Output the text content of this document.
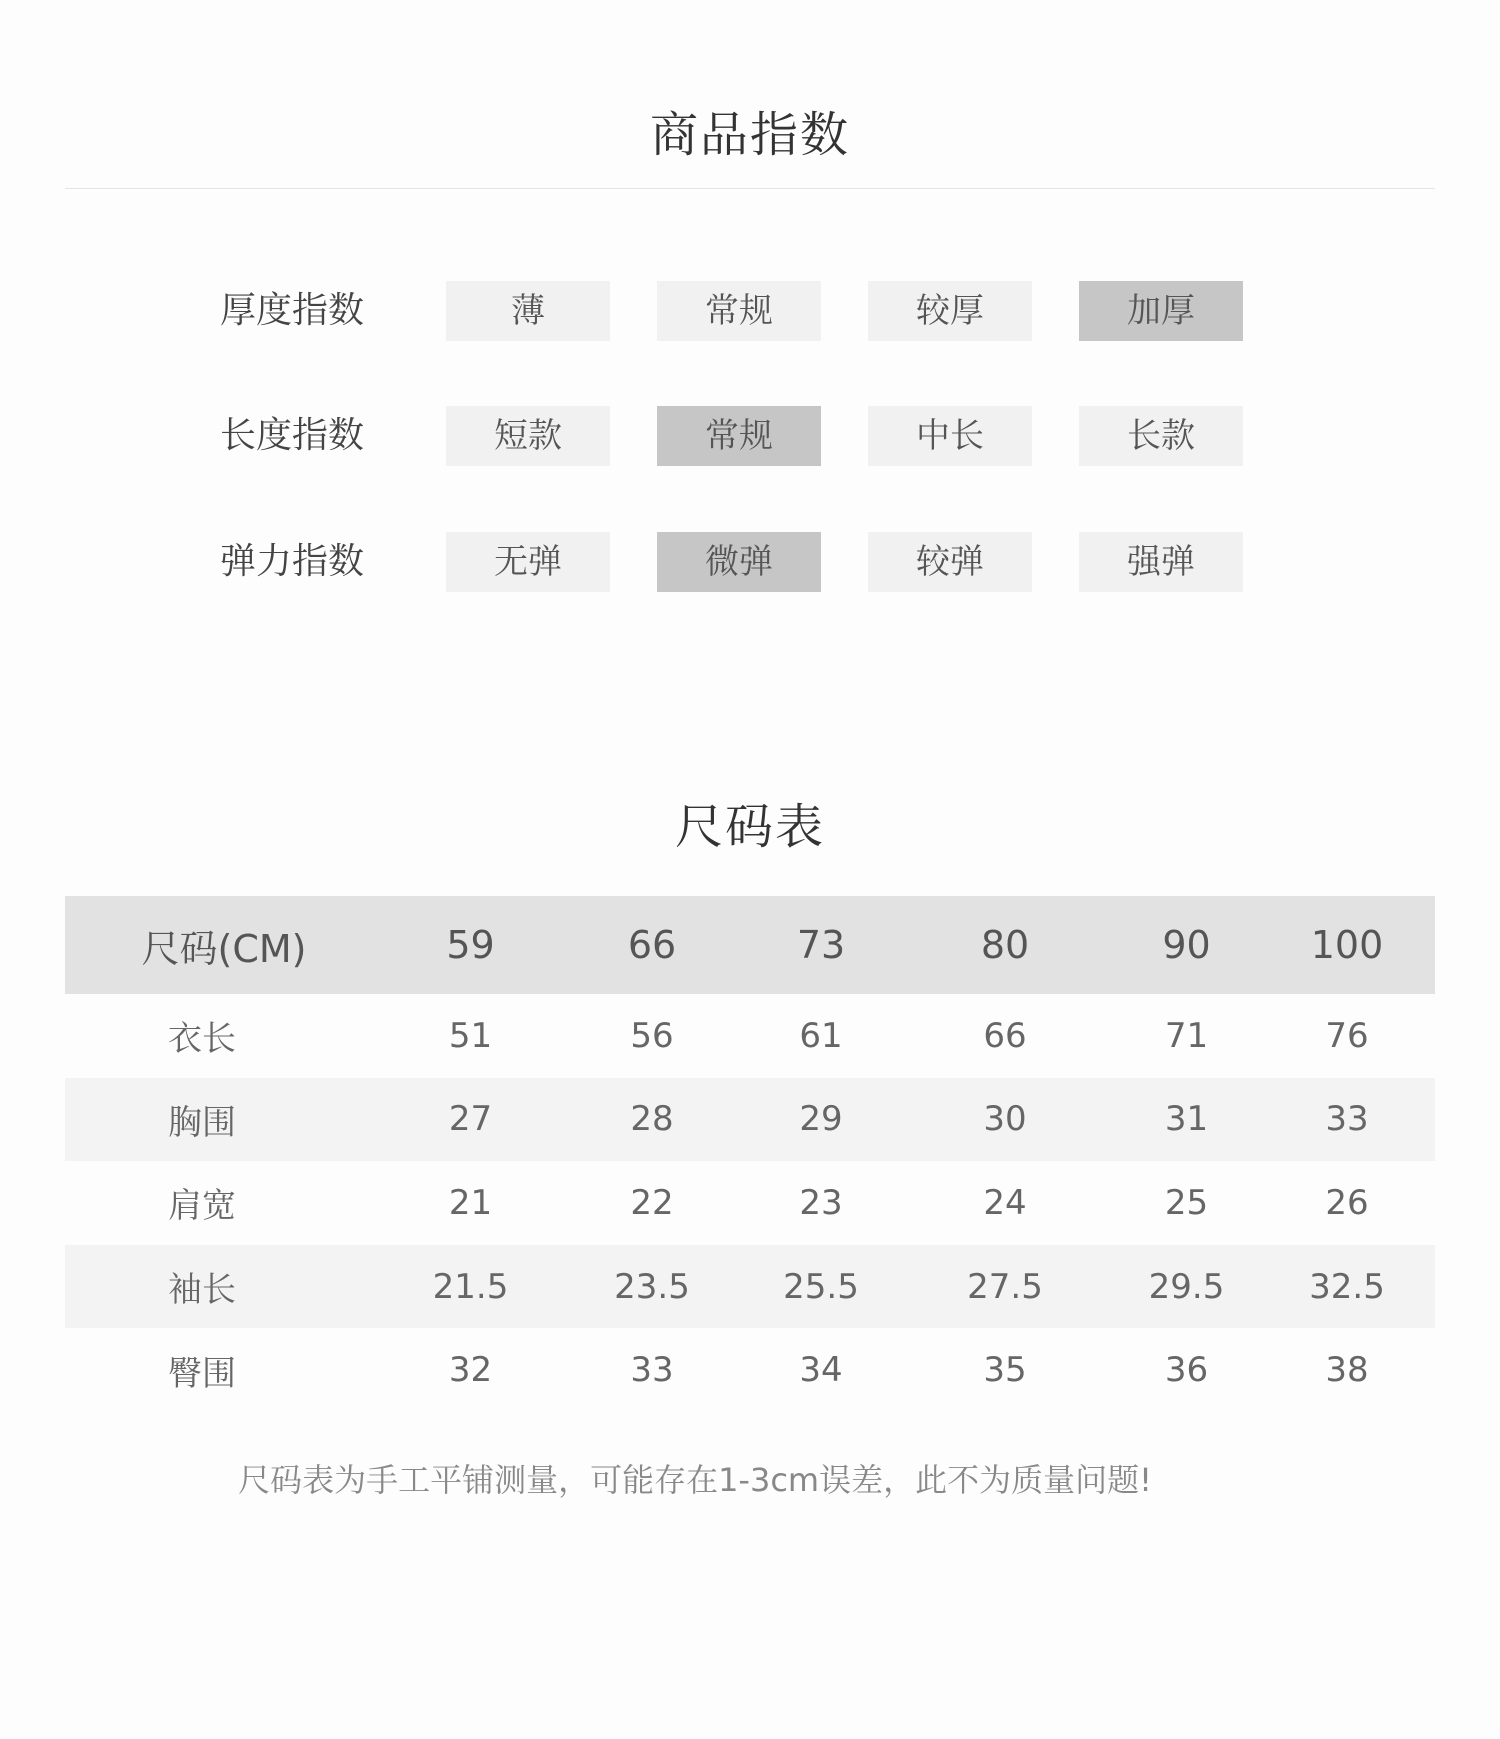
商品指数
厚度指数	薄	常规	较厚	加厚
长度指数	短款	常规	中长	长款
弹力指数	无弹	微弹	较弹	强弹
尺码表
尺码(CM)	59	66	73	80	90	100
衣长	51	56	61	66	71	76
胸围	27	28	29	30	31	33
肩宽	21	22	23	24	25	26
袖长	21.5	23.5	25.5	27.5	29.5	32.5
臀围	32	33	34	35	36	38
尺码表为手工平铺测量，可能存在1-3cm误差，此不为质量问题!
